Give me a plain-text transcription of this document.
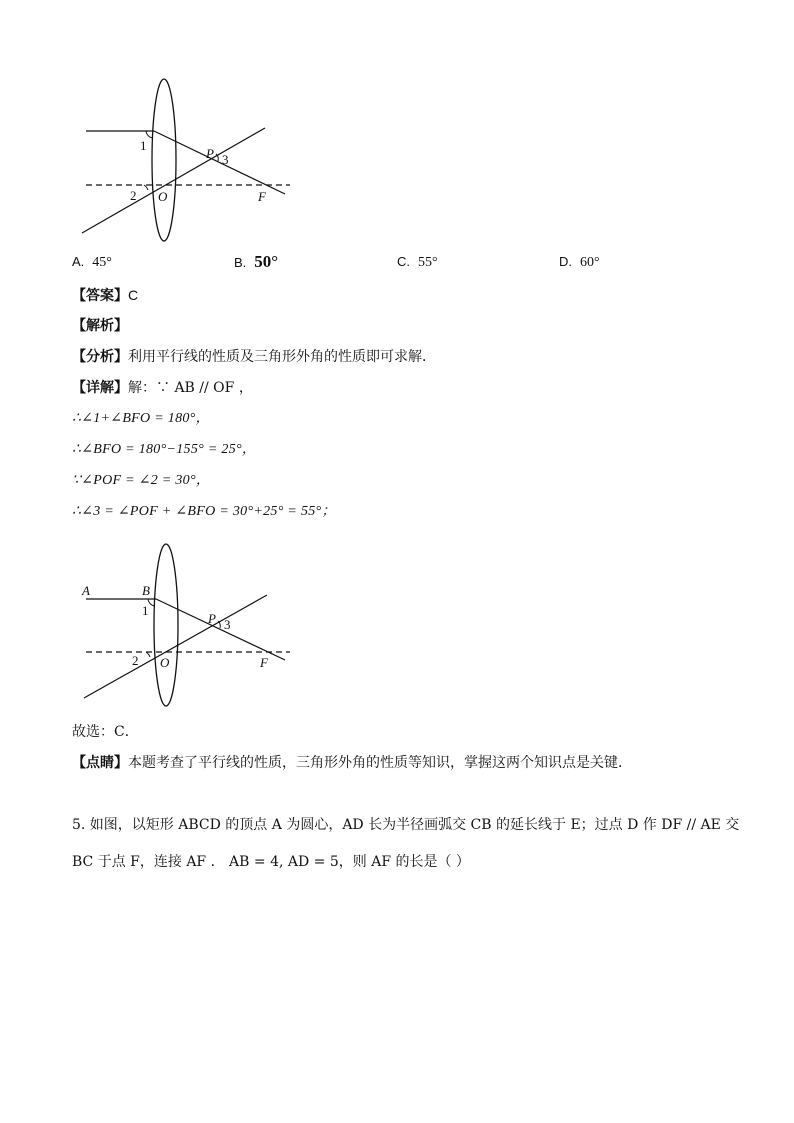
1
2
3
P
O	F
A. 45°	B. 50°	C. 55°	D. 60°
【答案】C
【解析】
【分析】利用平行线的性质及三角形外角的性质即可求解．
【详解】解：∵ AB // OF ，
∴∠1+∠BFO = 180°，
∴∠BFO = 180°−155° = 25°，
∵∠POF = ∠2 = 30°，
∴∠3 = ∠POF + ∠BFO = 30°+25° = 55°；
A	B
1
2
3
P
O	F
故选：C．
【点睛】本题考查了平行线的性质，三角形外角的性质等知识，掌握这两个知识点是关键．
5. 如图，以矩形 ABCD 的顶点 A 为圆心，AD 长为半径画弧交 CB 的延长线于 E；过点 D 作 DF // AE 交
BC 于点 F，连接 AF ． AB = 4, AD = 5，则 AF 的长是（ ）
